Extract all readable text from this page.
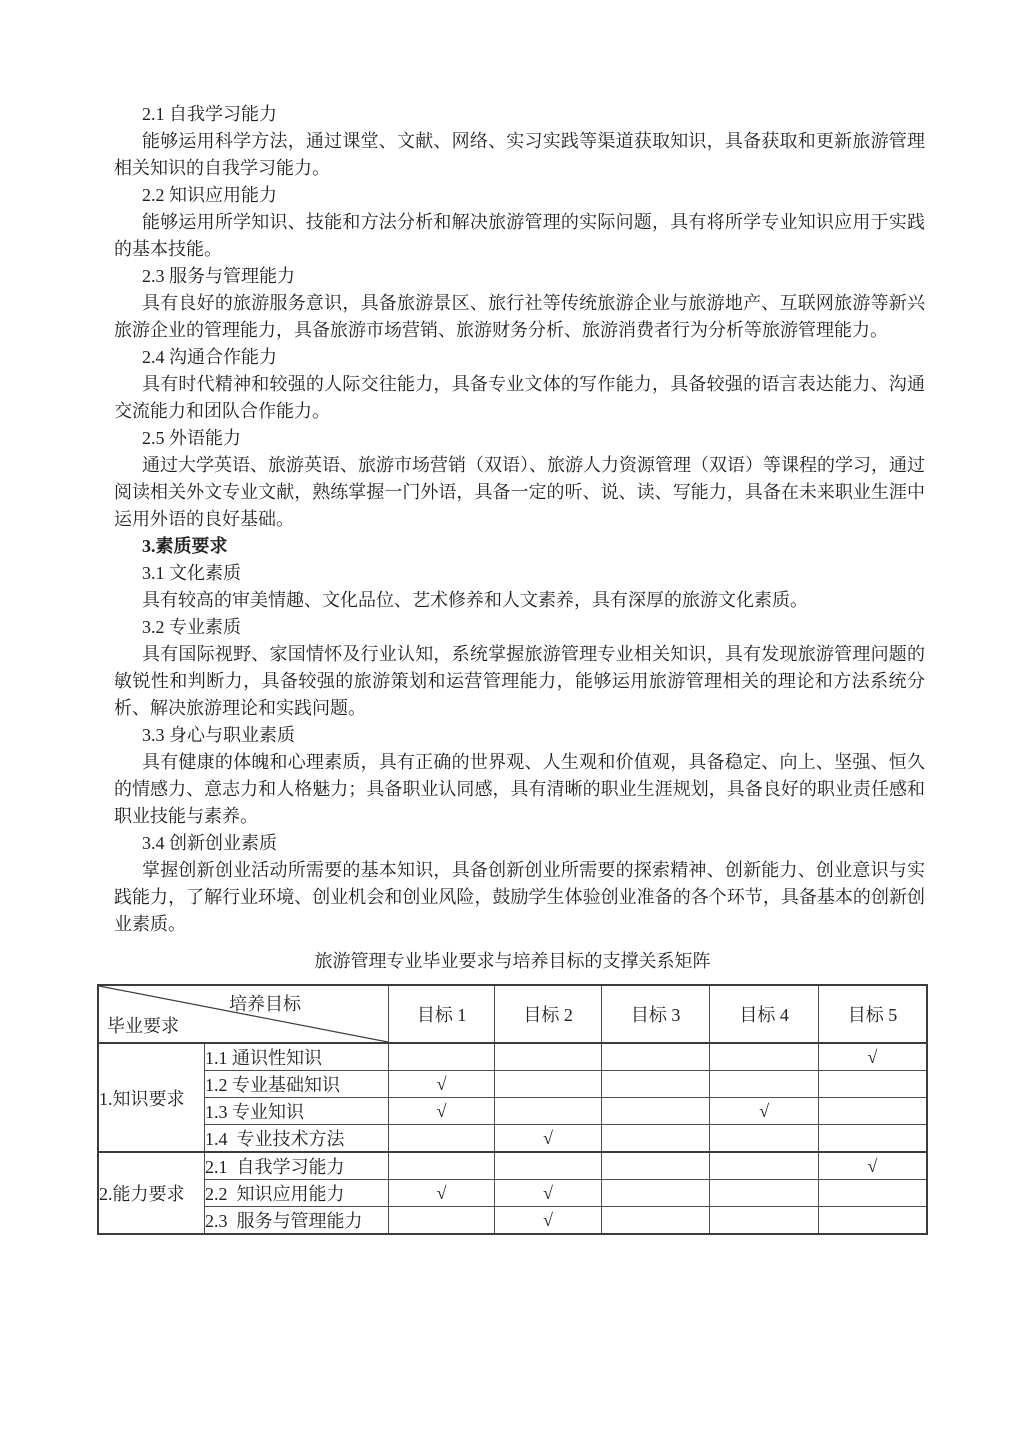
2.1 自我学习能力

能够运用科学方法，通过课堂、文献、网络、实习实践等渠道获取知识，具备获取和更新旅游管理相关知识的自我学习能力。

2.2 知识应用能力

能够运用所学知识、技能和方法分析和解决旅游管理的实际问题，具有将所学专业知识应用于实践的基本技能。

2.3 服务与管理能力

具有良好的旅游服务意识，具备旅游景区、旅行社等传统旅游企业与旅游地产、互联网旅游等新兴旅游企业的管理能力，具备旅游市场营销、旅游财务分析、旅游消费者行为分析等旅游管理能力。

2.4 沟通合作能力

具有时代精神和较强的人际交往能力，具备专业文体的写作能力，具备较强的语言表达能力、沟通交流能力和团队合作能力。

2.5 外语能力

通过大学英语、旅游英语、旅游市场营销（双语）、旅游人力资源管理（双语）等课程的学习，通过阅读相关外文专业文献，熟练掌握一门外语，具备一定的听、说、读、写能力，具备在未来职业生涯中运用外语的良好基础。

3.素质要求

3.1 文化素质

具有较高的审美情趣、文化品位、艺术修养和人文素养，具有深厚的旅游文化素质。

3.2 专业素质

具有国际视野、家国情怀及行业认知，系统掌握旅游管理专业相关知识，具有发现旅游管理问题的敏锐性和判断力，具备较强的旅游策划和运营管理能力，能够运用旅游管理相关的理论和方法系统分析、解决旅游理论和实践问题。

3.3 身心与职业素质

具有健康的体魄和心理素质，具有正确的世界观、人生观和价值观，具备稳定、向上、坚强、恒久的情感力、意志力和人格魅力；具备职业认同感，具有清晰的职业生涯规划，具备良好的职业责任感和职业技能与素养。

3.4 创新创业素质

掌握创新创业活动所需要的基本知识，具备创新创业所需要的探索精神、创新能力、创业意识与实践能力，了解行业环境、创业机会和创业风险，鼓励学生体验创业准备的各个环节，具备基本的创新创业素质。

旅游管理专业毕业要求与培养目标的支撑关系矩阵

培养目标
毕业要求		目标 1	目标 2	目标 3	目标 4	目标 5
1.知识要求	1.1 通识性知识					√
	1.2 专业基础知识	√				
	1.3 专业知识	√			√	
	1.4  专业技术方法		√			
2.能力要求	2.1  自我学习能力					√
	2.2  知识应用能力	√	√			
	2.3  服务与管理能力		√			
